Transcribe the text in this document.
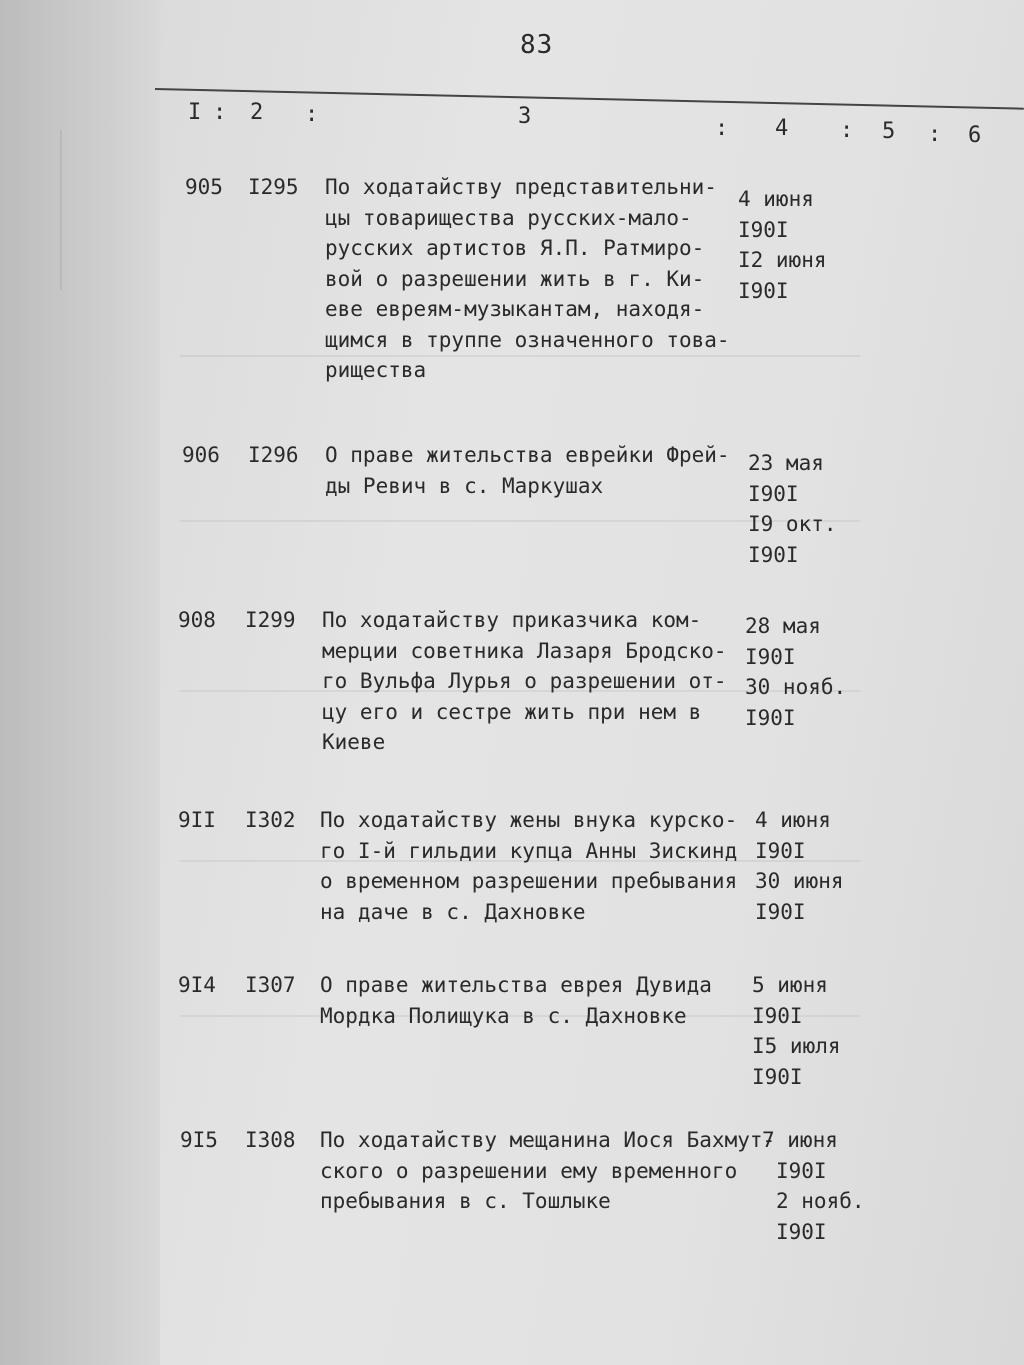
83
I : 2 :	3	: 4 : 5 : 6
905 I295 По ходатайству представительни-
цы товарищества русских-мало-
русских артистов Я.П. Ратмиро-
вой о разрешении жить в г. Ки-
еве евреям-музыкантам, находя-
щимся в труппе означенного това-
рищества
4 июня
I90I
I2 июня
I90I
906 I296 О праве жительства еврейки Фрей-
ды Ревич в с. Маркушах
23 мая
I90I
I9 окт.
I90I
908 I299 По ходатайству приказчика ком-
мерции советника Лазаря Бродско-
го Вульфа Лурья о разрешении от-
цу его и сестре жить при нем в
Киеве
28 мая
I90I
30 нояб.
I90I
9II I302 По ходатайству жены внука курско-
го I-й гильдии купца Анны Зискинд
о временном разрешении пребывания
на даче в с. Дахновке
4 июня
I90I
30 июня
I90I
9I4 I307 О праве жительства еврея Дувида
Мордка Полищука в с. Дахновке
5 июня
I90I
I5 июля
I90I
9I5 I308 По ходатайству мещанина Иося Бахмут-
ского о разрешении ему временного
пребывания в с. Тошлыке
7 июня
I90I
2 нояб.
I90I
